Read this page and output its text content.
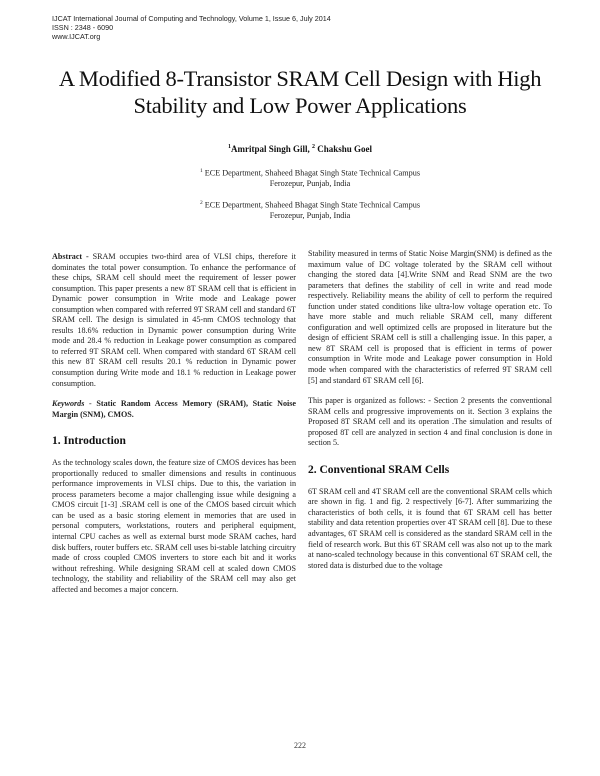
IJCAT International Journal of Computing and Technology, Volume 1, Issue 6, July 2014
ISSN : 2348 - 6090
www.IJCAT.org
A Modified 8-Transistor SRAM Cell Design with High
Stability and Low Power Applications
$^1$Amritpal Singh Gill, $^2$ Chakshu Goel
$^1$ ECE Department, Shaheed Bhagat Singh State Technical Campus
Ferozepur, Punjab, India
$^2$ ECE Department, Shaheed Bhagat Singh State Technical Campus
Ferozepur, Punjab, India

Abstract - SRAM occupies two-third area of VLSI chips, therefore it dominates the total power consumption. To enhance the performance of these chips, SRAM cell should meet the requirement of lesser power consumption. This paper presents a new 8T SRAM cell that is efficient in Dynamic power consumption in Write mode and Leakage power consumption when compared with referred 9T SRAM cell and standard 6T SRAM cell. The design is simulated in 45-nm CMOS technology that results 18.6% reduction in Dynamic power consumption during Write mode and 28.4 % reduction in Leakage power consumption as compared to referred 9T SRAM cell. When compared with standard 6T SRAM cell this new 8T SRAM cell results 20.1 % reduction in Dynamic power consumption during Write mode and 18.1 % reduction in Leakage power consumption.

Keywords - Static Random Access Memory (SRAM), Static Noise Margin (SNM), CMOS.

1. Introduction

As the technology scales down, the feature size of CMOS devices has been proportionally reduced to smaller dimensions and results in continuous performance improvements in VLSI chips. Due to this, the variation in process parameters become a major challenging issue while designing a CMOS circuit [1-3] .SRAM cell is one of the CMOS based circuit which can be used as a basic storing element in memories that are used in personal computers, workstations, routers and peripheral equipment, internal CPU caches as well as external burst mode SRAM caches, hard disk buffers, router buffers etc. SRAM cell uses bi-stable latching circuitry made of cross coupled CMOS inverters to store each bit and it works without refreshing. While designing SRAM cell at scaled down CMOS technology, the stability and reliability of the SRAM cell may also get affected and becomes a major concern.

Stability measured in terms of Static Noise Margin(SNM) is defined as the maximum value of DC voltage tolerated by the SRAM cell without changing the stored data [4].Write SNM and Read SNM are the two parameters that defines the stability of cell in write and read mode respectively. Reliability means the ability of cell to perform the required function under stated conditions like ultra-low voltage operation etc. To have more stable and much reliable SRAM cell, many different configuration and well optimized cells are proposed in literature but the design of efficient SRAM cell is still a challenging issue. In this paper, a new 8T SRAM cell is proposed that is efficient in terms of power consumption in Write mode and Leakage power consumption in Hold mode when compared with the characteristics of referred 9T SRAM cell [5] and standard 6T SRAM cell [6].

This paper is organized as follows: - Section 2 presents the conventional SRAM cells and progressive improvements on it. Section 3 explains the Proposed 8T SRAM cell and its operation .The simulation and results of proposed 8T cell are analyzed in section 4 and final conclusion is done in section 5.

2. Conventional SRAM Cells

6T SRAM cell and 4T SRAM cell are the conventional SRAM cells which are shown in fig. 1 and fig. 2 respectively [6-7]. After summarizing the characteristics of both cells, it is found that 6T SRAM cell has better stability and data retention properties over 4T SRAM cell [8]. Due to these advantages, 6T SRAM cell is considered as the standard SRAM cell in the field of research work. But this 6T SRAM cell was also not up to the mark at nano-scaled technology because in this conventional 6T SRAM cell, the stored data is disturbed due to the voltage

222
